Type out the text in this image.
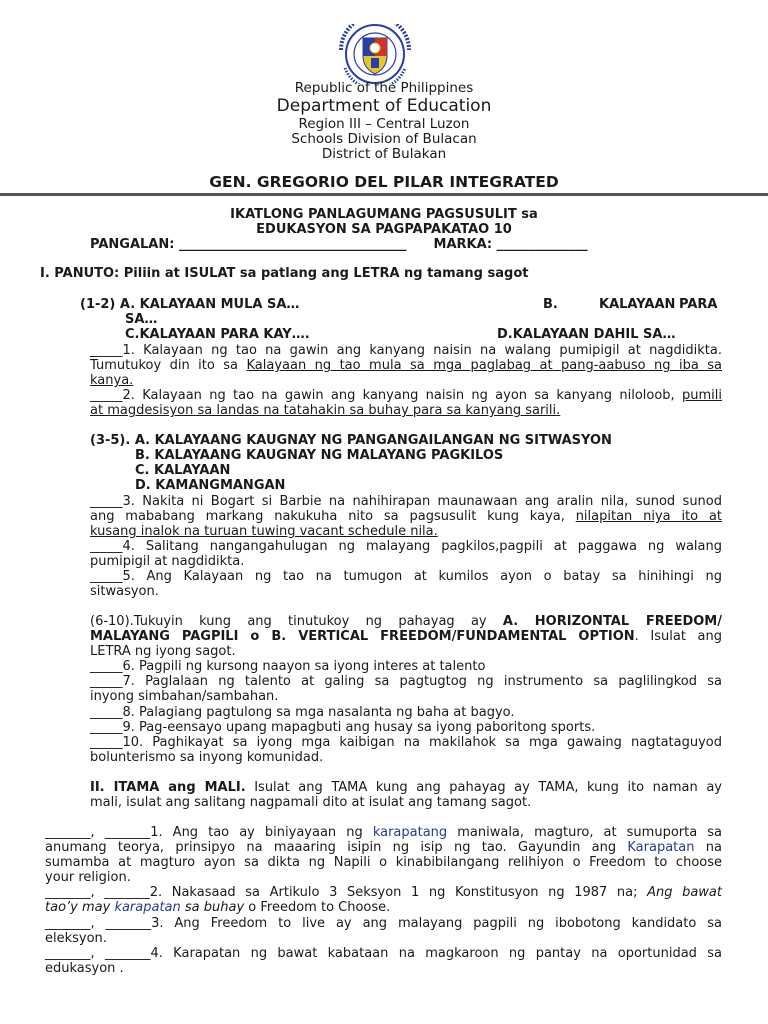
Republic of the Philippines
Department of Education
Region III – Central Luzon
Schools Division of Bulacan
District of Bulakan
GEN. GREGORIO DEL PILAR INTEGRATED
IKATLONG PANLAGUMANG PAGSUSULIT sa
EDUKASYON SA PAGPAPAKATAO 10
PANGALAN: ___________________________________ MARKA: ______________
I. PANUTO: Piliin at ISULAT sa patlang ang LETRA ng tamang sagot
(1-2) A. KALAYAAN MULA SA…	B.	KALAYAAN PARA
SA…
C.KALAYAAN PARA KAY….	D.KALAYAAN DAHIL SA…
_____1. Kalayaan ng tao na gawin ang kanyang naisin na walang pumipigil at nagdidikta.
Tumutukoy din ito sa Kalayaan ng tao mula sa mga paglabag at pang-aabuso ng iba sa
kanya.
_____2. Kalayaan ng tao na gawin ang kanyang naisin ng ayon sa kanyang niloloob, pumili
at magdesisyon sa landas na tatahakin sa buhay para sa kanyang sarili.
(3-5). A. KALAYAANG KAUGNAY NG PANGANGAILANGAN NG SITWASYON
B. KALAYAANG KAUGNAY NG MALAYANG PAGKILOS
C. KALAYAAN
D. KAMANGMANGAN
_____3. Nakita ni Bogart si Barbie na nahihirapan maunawaan ang aralin nila, sunod sunod
ang mababang markang nakukuha nito sa pagsusulit kung kaya, nilapitan niya ito at
kusang inalok na turuan tuwing vacant schedule nila.
_____4. Salitang nangangahulugan ng malayang pagkilos,pagpili at paggawa ng walang
pumipigil at nagdidikta.
_____5. Ang Kalayaan ng tao na tumugon at kumilos ayon o batay sa hinihingi ng
sitwasyon.
(6-10).Tukuyin kung ang tinutukoy ng pahayag ay A. HORIZONTAL FREEDOM/
MALAYANG PAGPILI o B. VERTICAL FREEDOM/FUNDAMENTAL OPTION. Isulat ang
LETRA ng iyong sagot.
_____6. Pagpili ng kursong naayon sa iyong interes at talento
_____7. Paglalaan ng talento at galing sa pagtugtog ng instrumento sa paglilingkod sa
inyong simbahan/sambahan.
_____8. Palagiang pagtulong sa mga nasalanta ng baha at bagyo.
_____9. Pag-eensayo upang mapagbuti ang husay sa iyong paboritong sports.
_____10. Paghikayat sa iyong mga kaibigan na makilahok sa mga gawaing nagtataguyod
bolunterismo sa inyong komunidad.
II. ITAMA ang MALI. Isulat ang TAMA kung ang pahayag ay TAMA, kung ito naman ay
mali, isulat ang salitang nagpamali dito at isulat ang tamang sagot.
_______, _______1. Ang tao ay biniyayaan ng karapatang maniwala, magturo, at sumuporta sa
anumang teorya, prinsipyo na maaaring isipin ng isip ng tao. Gayundin ang Karapatan na
sumamba at magturo ayon sa dikta ng Napili o kinabibilangang relihiyon o Freedom to choose
your religion.
_______, _______2. Nakasaad sa Artikulo 3 Seksyon 1 ng Konstitusyon ng 1987 na; Ang bawat
tao’y may karapatan sa buhay o Freedom to Choose.
_______, _______3. Ang Freedom to live ay ang malayang pagpili ng ibobotong kandidato sa
eleksyon.
_______, _______4. Karapatan ng bawat kabataan na magkaroon ng pantay na oportunidad sa
edukasyon .
